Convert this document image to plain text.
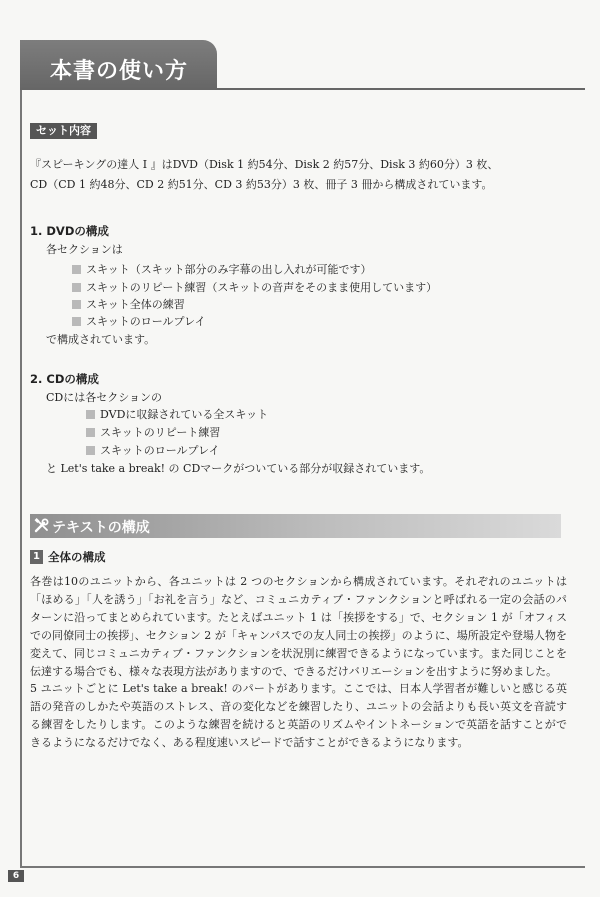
本書の使い方
セット内容
『スピーキングの達人 I 』はDVD（Disk 1 約54分、Disk 2 約57分、Disk 3 約60分）3 枚、
CD（CD 1 約48分、CD 2 約51分、CD 3 約53分）3 枚、冊子 3 冊から構成されています。
1. DVDの構成
各セクションは
スキット（スキット部分のみ字幕の出し入れが可能です）
スキットのリピート練習（スキットの音声をそのまま使用しています）
スキット全体の練習
スキットのロールプレイ
で構成されています。
2. CDの構成
CDには各セクションの
DVDに収録されている全スキット
スキットのリピート練習
スキットのロールプレイ
と Let's take a break! の CDマークがついている部分が収録されています。
テキストの構成
1 全体の構成
各巻は10のユニットから、各ユニットは 2 つのセクションから構成されています。それぞれのユニットは「ほめる」「人を誘う」「お礼を言う」など、コミュニカティブ・ファンクションと呼ばれる一定の会話のパターンに沿ってまとめられています。たとえばユニット 1 は「挨拶をする」で、セクション 1 が「オフィスでの同僚同士の挨拶」、セクション 2 が「キャンパスでの友人同士の挨拶」のように、場所設定や登場人物を変えて、同じコミュニカティブ・ファンクションを状況別に練習できるようになっています。また同じことを伝達する場合でも、様々な表現方法がありますので、できるだけバリエーションを出すように努めました。
5 ユニットごとに Let's take a break! のパートがあります。ここでは、日本人学習者が難しいと感じる英語の発音のしかたや英語のストレス、音の変化などを練習したり、ユニットの会話よりも長い英文を音読する練習をしたりします。このような練習を続けると英語のリズムやイントネーションで英語を話すことができるようになるだけでなく、ある程度速いスピードで話すことができるようになります。
6
